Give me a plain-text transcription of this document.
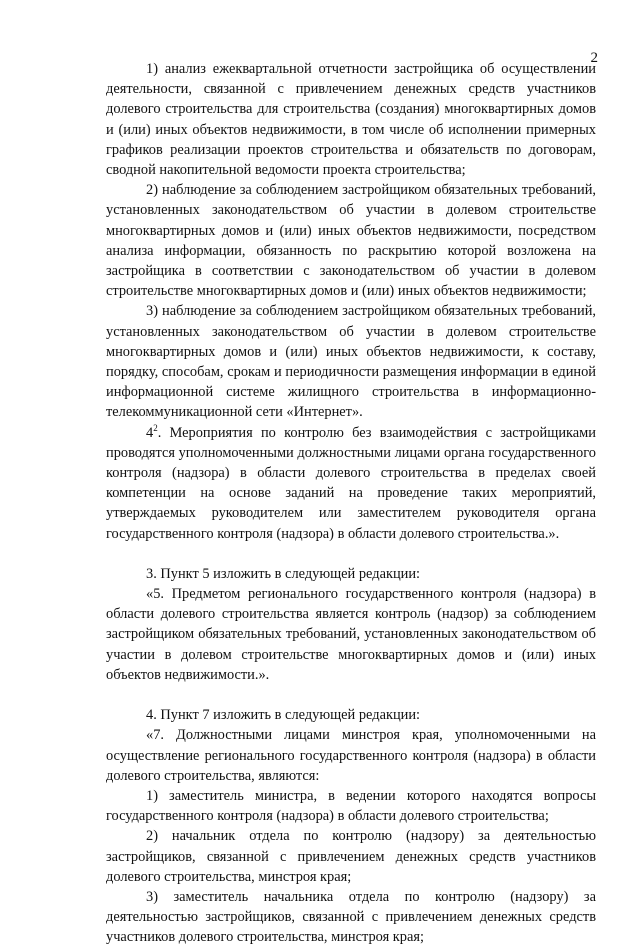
2

1) анализ ежеквартальной отчетности застройщика об осуществлении деятельности, связанной с привлечением денежных средств участников долевого строительства для строительства (создания) многоквартирных домов и (или) иных объектов недвижимости, в том числе об исполнении примерных графиков реализации проектов строительства и обязательств по договорам, сводной накопительной ведомости проекта строительства;

2) наблюдение за соблюдением застройщиком обязательных требований, установленных законодательством об участии в долевом строительстве многоквартирных домов и (или) иных объектов недвижимости, посредством анализа информации, обязанность по раскрытию которой возложена на застройщика в соответствии с законодательством об участии в долевом строительстве многоквартирных домов и (или) иных объектов недвижимости;

3) наблюдение за соблюдением застройщиком обязательных требований, установленных законодательством об участии в долевом строительстве многоквартирных домов и (или) иных объектов недвижимости, к составу, порядку, способам, срокам и периодичности размещения информации в единой информационной системе жилищного строительства в информационно-телекоммуникационной сети «Интернет».

$4^2$. Мероприятия по контролю без взаимодействия с застройщиками проводятся уполномоченными должностными лицами органа государственного контроля (надзора) в области долевого строительства в пределах своей компетенции на основе заданий на проведение таких мероприятий, утверждаемых руководителем или заместителем руководителя органа государственного контроля (надзора) в области долевого строительства.».

3. Пункт 5 изложить в следующей редакции:

«5. Предметом регионального государственного контроля (надзора) в области долевого строительства является контроль (надзор) за соблюдением застройщиком обязательных требований, установленных законодательством об участии в долевом строительстве многоквартирных домов и (или) иных объектов недвижимости.».

4. Пункт 7 изложить в следующей редакции:

«7. Должностными лицами минстроя края, уполномоченными на осуществление регионального государственного контроля (надзора) в области долевого строительства, являются:

1) заместитель министра, в ведении которого находятся вопросы государственного контроля (надзора) в области долевого строительства;

2) начальник отдела по контролю (надзору) за деятельностью застройщиков, связанной с привлечением денежных средств участников долевого строительства, минстроя края;

3) заместитель начальника отдела по контролю (надзору) за деятельностью застройщиков, связанной с привлечением денежных средств участников долевого строительства, минстроя края;
